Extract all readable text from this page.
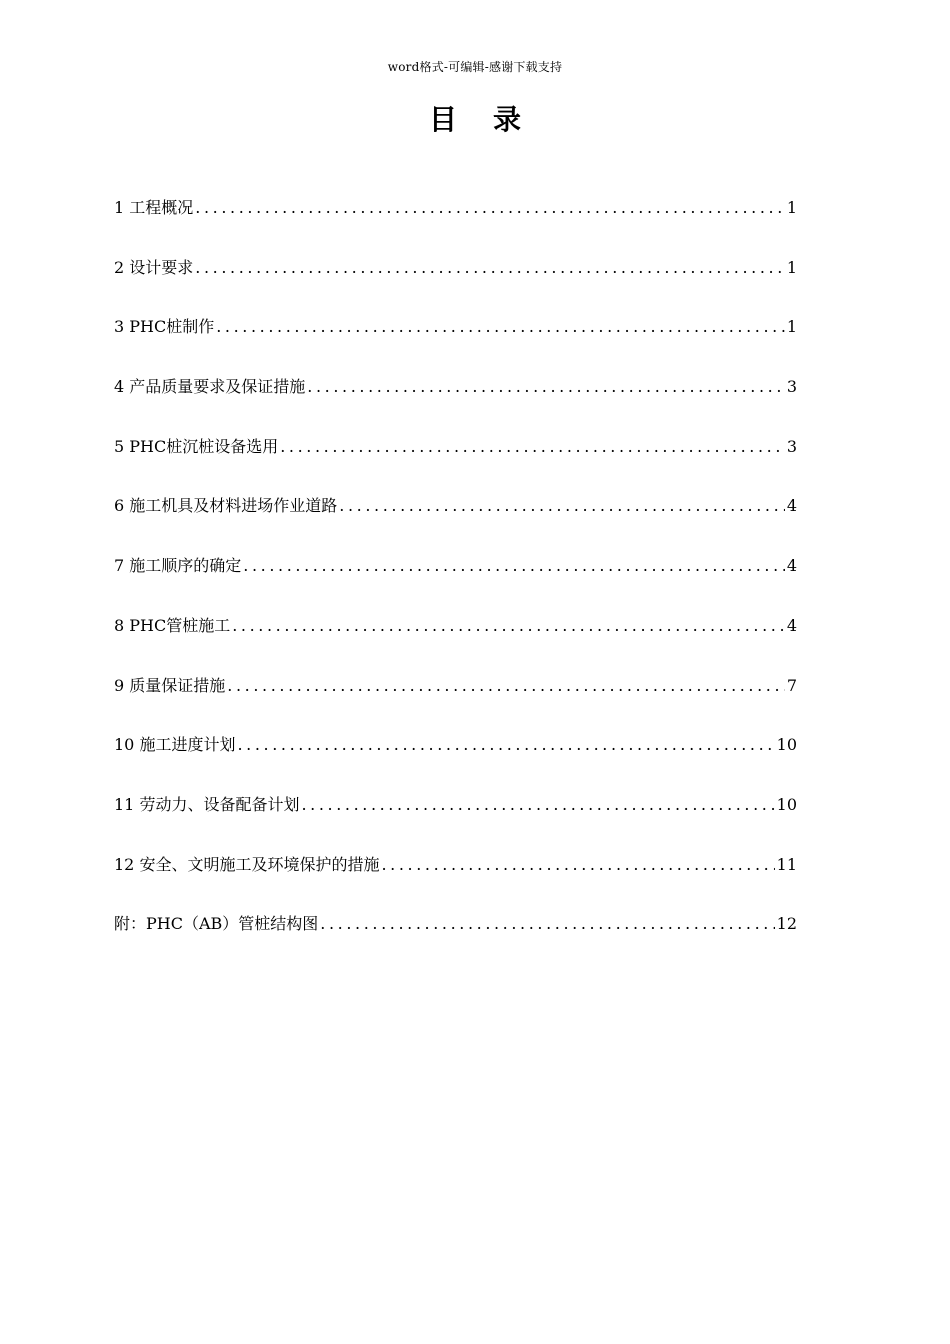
word格式-可编辑-感谢下载支持
目录
1 工程概况 .....	1
2 设计要求 .....	1
3 PHC桩制作 .....	1
4 产品质量要求及保证措施 .....	3
5 PHC桩沉桩设备选用 .....	3
6 施工机具及材料进场作业道路 .....	4
7 施工顺序的确定 .....	4
8 PHC管桩施工 .....	4
9 质量保证措施 .....	7
10 施工进度计划 .....	10
11 劳动力、设备配备计划 .....	10
12 安全、文明施工及环境保护的措施 .....	11
附：PHC（AB）管桩结构图 .....	12
